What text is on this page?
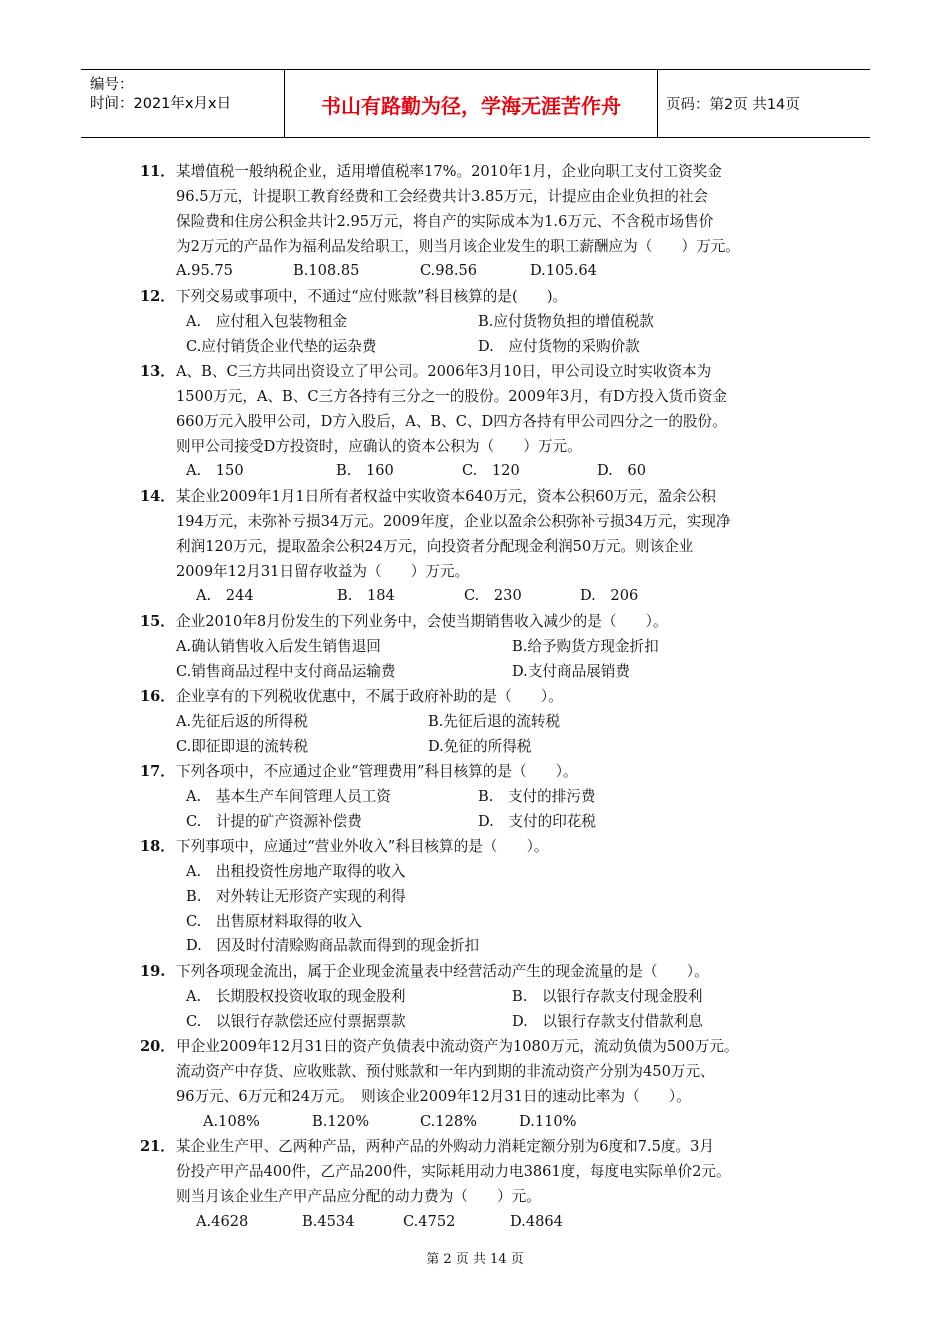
编号：
时间：2021年x月x日	书山有路勤为径，学海无涯苦作舟	页码：第2页 共14页
11． 某增值税一般纳税企业，适用增值税率17%。2010年1月，企业向职工支付工资奖金
96.5万元，计提职工教育经费和工会经费共计3.85万元，计提应由企业负担的社会
保险费和住房公积金共计2.95万元，将自产的实际成本为1.6万元、不含税市场售价
为2万元的产品作为福利品发给职工，则当月该企业发生的职工薪酬应为（　　）万元。
A.95.75	B.108.85	C.98.56	D.105.64
12． 下列交易或事项中，不通过“应付账款”科目核算的是(　　)。
A.　应付租入包装物租金	B.应付货物负担的增值税款
C.应付销货企业代垫的运杂费	D.　应付货物的采购价款
13． A、B、C三方共同出资设立了甲公司。2006年3月10日，甲公司设立时实收资本为
1500万元，A、B、C三方各持有三分之一的股份。2009年3月，有D方投入货币资金
660万元入股甲公司，D方入股后，A、B、C、D四方各持有甲公司四分之一的股份。
则甲公司接受D方投资时，应确认的资本公积为（　　）万元。
A.　150	B.　160	C.　120	D.　60
14． 某企业2009年1月1日所有者权益中实收资本640万元，资本公积60万元，盈余公积
194万元，未弥补亏损34万元。2009年度，企业以盈余公积弥补亏损34万元，实现净
利润120万元，提取盈余公积24万元，向投资者分配现金利润50万元。则该企业
2009年12月31日留存收益为（　　）万元。
A.　244	B.　184	C.　230	D.　206
15． 企业2010年8月份发生的下列业务中，会使当期销售收入减少的是（　　）。
A.确认销售收入后发生销售退回	B.给予购货方现金折扣
C.销售商品过程中支付商品运输费	D.支付商品展销费
16． 企业享有的下列税收优惠中，不属于政府补助的是（　　）。
A.先征后返的所得税	B.先征后退的流转税
C.即征即退的流转税	D.免征的所得税
17． 下列各项中，不应通过企业“管理费用”科目核算的是（　　）。
A.　基本生产车间管理人员工资	B.　支付的排污费
C.　计提的矿产资源补偿费	D.　支付的印花税
18． 下列事项中，应通过“营业外收入”科目核算的是（　　）。
A.　出租投资性房地产取得的收入
B.　对外转让无形资产实现的利得
C.　出售原材料取得的收入
D.　因及时付清赊购商品款而得到的现金折扣
19. 下列各项现金流出，属于企业现金流量表中经营活动产生的现金流量的是（　　）。
A.　长期股权投资收取的现金股利	B.　以银行存款支付现金股利
C.　以银行存款偿还应付票据票款	D.　以银行存款支付借款利息
20． 甲企业2009年12月31日的资产负债表中流动资产为1080万元，流动负债为500万元。
流动资产中存货、应收账款、预付账款和一年内到期的非流动资产分别为450万元、
96万元、6万元和24万元。　则该企业2009年12月31日的速动比率为（　　）。
A.108%	B.120%	C.128%	D.110%
21． 某企业生产甲、乙两种产品，两种产品的外购动力消耗定额分别为6度和7.5度。3月
份投产甲产品400件，乙产品200件，实际耗用动力电3861度，每度电实际单价2元。
则当月该企业生产甲产品应分配的动力费为（　　）元。
A.4628	B.4534	C.4752	D.4864
第 2 页 共 14 页
